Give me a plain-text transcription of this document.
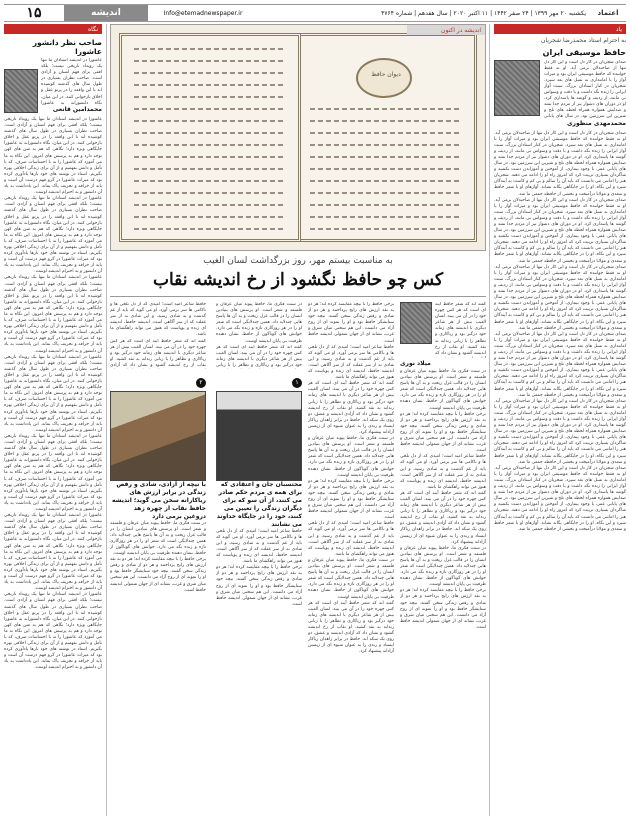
اعتماد
یکشنبه ۲۰ مهر ۱۳۹۹ | ۲۴ صفر ۱۴۴۲ | ۱۱ اکتبر ۲۰۲۰ | سال هفدهم | شماره ۴۷۶۴
Info@etemadnewspaper.ir
اندیشه
۱۵
یاد
به احترام استاد محمدرضا شجریان
حافظ موسیقی ایران

صدای شجریان در کار دل است و این کار دل تنها از صاحبدلان برمی آید. او نه فقط خواننده که حافظ موسیقی ایران بود و میراث آواز را با امانتداری به نسل های بعد سپرد. شجریان در کنار استادان بزرگ، سنت آواز ایرانی را زنده نگه داشت و با دقت و وسواس بی مانند، از ردیف و گوشه ها پاسداری کرد. او در دوران های دشوار نیز از مردم جدا نشد و صدایش همواره همراه لحظه های تلخ و شیرین این سرزمین بود. در سال های پایانی

محمدمهدی منظوری

صدای شجریان در کار دل است و این کار دل تنها از صاحبدلان برمی آید. او نه فقط خواننده که حافظ موسیقی ایران بود و میراث آواز را با امانتداری به نسل های بعد سپرد. شجریان در کنار استادان بزرگ، سنت آواز ایرانی را زنده نگه داشت و با دقت و وسواس بی مانند، از ردیف و گوشه ها پاسداری کرد. او در دوران های دشوار نیز از مردم جدا نشد و صدایش همواره همراه لحظه های تلخ و شیرین این سرزمین بود. در سال های پایانی عمر، با وجود بیماری، از آموختن و آموزاندن دست نکشید و شاگردان بسیاری تربیت کرد که امروز راه او را ادامه می دهند. شجریان هنر را امانتی می دانست که باید آن را سالم و بی کم و کاست به آیندگان سپرد و این نگاه، او را در جایگاهی یگانه نشاند. آوازهای او با شعر حافظ و سعدی و مولانا درآمیخت و بخشی از حافظه جمعی ما شد.

صدای شجریان در کار دل است و این کار دل تنها از صاحبدلان برمی آید. او نه فقط خواننده که حافظ موسیقی ایران بود و میراث آواز را با امانتداری به نسل های بعد سپرد. شجریان در کنار استادان بزرگ، سنت آواز ایرانی را زنده نگه داشت و با دقت و وسواس بی مانند، از ردیف و گوشه ها پاسداری کرد. او در دوران های دشوار نیز از مردم جدا نشد و صدایش همواره همراه لحظه های تلخ و شیرین این سرزمین بود. در سال های پایانی عمر، با وجود بیماری، از آموختن و آموزاندن دست نکشید و شاگردان بسیاری تربیت کرد که امروز راه او را ادامه می دهند. شجریان هنر را امانتی می دانست که باید آن را سالم و بی کم و کاست به آیندگان سپرد و این نگاه، او را در جایگاهی یگانه نشاند. آوازهای او با شعر حافظ و سعدی و مولانا درآمیخت و بخشی از حافظه جمعی ما شد.

صدای شجریان در کار دل است و این کار دل تنها از صاحبدلان برمی آید. او نه فقط خواننده که حافظ موسیقی ایران بود و میراث آواز را با امانتداری به نسل های بعد سپرد. شجریان در کنار استادان بزرگ، سنت آواز ایرانی را زنده نگه داشت و با دقت و وسواس بی مانند، از ردیف و گوشه ها پاسداری کرد. او در دوران های دشوار نیز از مردم جدا نشد و صدایش همواره همراه لحظه های تلخ و شیرین این سرزمین بود. در سال های پایانی عمر، با وجود بیماری، از آموختن و آموزاندن دست نکشید و شاگردان بسیاری تربیت کرد که امروز راه او را ادامه می دهند. شجریان هنر را امانتی می دانست که باید آن را سالم و بی کم و کاست به آیندگان سپرد و این نگاه، او را در جایگاهی یگانه نشاند. آوازهای او با شعر حافظ و سعدی و مولانا درآمیخت و بخشی از حافظه جمعی ما شد.

صدای شجریان در کار دل است و این کار دل تنها از صاحبدلان برمی آید. او نه فقط خواننده که حافظ موسیقی ایران بود و میراث آواز را با امانتداری به نسل های بعد سپرد. شجریان در کنار استادان بزرگ، سنت آواز ایرانی را زنده نگه داشت و با دقت و وسواس بی مانند، از ردیف و گوشه ها پاسداری کرد. او در دوران های دشوار نیز از مردم جدا نشد و صدایش همواره همراه لحظه های تلخ و شیرین این سرزمین بود. در سال های پایانی عمر، با وجود بیماری، از آموختن و آموزاندن دست نکشید و شاگردان بسیاری تربیت کرد که امروز راه او را ادامه می دهند. شجریان هنر را امانتی می دانست که باید آن را سالم و بی کم و کاست به آیندگان سپرد و این نگاه، او را در جایگاهی یگانه نشاند. آوازهای او با شعر حافظ و سعدی و مولانا درآمیخت و بخشی از حافظه جمعی ما شد.

صدای شجریان در کار دل است و این کار دل تنها از صاحبدلان برمی آید. او نه فقط خواننده که حافظ موسیقی ایران بود و میراث آواز را با امانتداری به نسل های بعد سپرد. شجریان در کنار استادان بزرگ، سنت آواز ایرانی را زنده نگه داشت و با دقت و وسواس بی مانند، از ردیف و گوشه ها پاسداری کرد. او در دوران های دشوار نیز از مردم جدا نشد و صدایش همواره همراه لحظه های تلخ و شیرین این سرزمین بود. در سال های پایانی عمر، با وجود بیماری، از آموختن و آموزاندن دست نکشید و شاگردان بسیاری تربیت کرد که امروز راه او را ادامه می دهند. شجریان هنر را امانتی می دانست که باید آن را سالم و بی کم و کاست به آیندگان سپرد و این نگاه، او را در جایگاهی یگانه نشاند. آوازهای او با شعر حافظ و سعدی و مولانا درآمیخت و بخشی از حافظه جمعی ما شد.

صدای شجریان در کار دل است و این کار دل تنها از صاحبدلان برمی آید. او نه فقط خواننده که حافظ موسیقی ایران بود و میراث آواز را با امانتداری به نسل های بعد سپرد. شجریان در کنار استادان بزرگ، سنت آواز ایرانی را زنده نگه داشت و با دقت و وسواس بی مانند، از ردیف و گوشه ها پاسداری کرد. او در دوران های دشوار نیز از مردم جدا نشد و صدایش همواره همراه لحظه های تلخ و شیرین این سرزمین بود. در سال های پایانی عمر، با وجود بیماری، از آموختن و آموزاندن دست نکشید و شاگردان بسیاری تربیت کرد که امروز راه او را ادامه می دهند. شجریان هنر را امانتی می دانست که باید آن را سالم و بی کم و کاست به آیندگان سپرد و این نگاه، او را در جایگاهی یگانه نشاند. آوازهای او با شعر حافظ و سعدی و مولانا درآمیخت و بخشی از حافظه جمعی ما شد.

نگاه
صاحب نظر دانشور عاشورا

عاشورا در اندیشه استادان ما تنها یک رویداد تاریخی نیست؛ بلکه افقی برای فهم انسان و آزادی است. صاحب نظران بسیاری در طول سال های گذشته کوشیده اند تا این واقعه را در پرتو عقل و اخلاق بازخوانی کنند. در این میان، نگاه دانشورانه به عاشورا

محمدامین قانعی

عاشورا در اندیشه استادان ما تنها یک رویداد تاریخی نیست؛ بلکه افقی برای فهم انسان و آزادی است. صاحب نظران بسیاری در طول سال های گذشته کوشیده اند تا این واقعه را در پرتو عقل و اخلاق بازخوانی کنند. در این میان، نگاه دانشورانه به عاشورا جایگاهی ویژه دارد؛ نگاهی که هم به متن های کهن توجه دارد و هم به پرسش های امروز. این نگاه به ما می آموزد که عاشورا را نه با احساسات صرف، که با تأمل و دانش بفهمیم و از آن برای زندگی اخلاقی بهره بگیریم. استاد در نوشته های خود بارها یادآوری کرده بود که میراث عاشورا در گرو فهم درست آن است و باید از خرافه و تحریف پاک بماند. این یادداشت به یاد آن دانشور و به احترام اندیشه اوست.

عاشورا در اندیشه استادان ما تنها یک رویداد تاریخی نیست؛ بلکه افقی برای فهم انسان و آزادی است. صاحب نظران بسیاری در طول سال های گذشته کوشیده اند تا این واقعه را در پرتو عقل و اخلاق بازخوانی کنند. در این میان، نگاه دانشورانه به عاشورا جایگاهی ویژه دارد؛ نگاهی که هم به متن های کهن توجه دارد و هم به پرسش های امروز. این نگاه به ما می آموزد که عاشورا را نه با احساسات صرف، که با تأمل و دانش بفهمیم و از آن برای زندگی اخلاقی بهره بگیریم. استاد در نوشته های خود بارها یادآوری کرده بود که میراث عاشورا در گرو فهم درست آن است و باید از خرافه و تحریف پاک بماند. این یادداشت به یاد آن دانشور و به احترام اندیشه اوست.

عاشورا در اندیشه استادان ما تنها یک رویداد تاریخی نیست؛ بلکه افقی برای فهم انسان و آزادی است. صاحب نظران بسیاری در طول سال های گذشته کوشیده اند تا این واقعه را در پرتو عقل و اخلاق بازخوانی کنند. در این میان، نگاه دانشورانه به عاشورا جایگاهی ویژه دارد؛ نگاهی که هم به متن های کهن توجه دارد و هم به پرسش های امروز. این نگاه به ما می آموزد که عاشورا را نه با احساسات صرف، که با تأمل و دانش بفهمیم و از آن برای زندگی اخلاقی بهره بگیریم. استاد در نوشته های خود بارها یادآوری کرده بود که میراث عاشورا در گرو فهم درست آن است و باید از خرافه و تحریف پاک بماند. این یادداشت به یاد آن دانشور و به احترام اندیشه اوست.

عاشورا در اندیشه استادان ما تنها یک رویداد تاریخی نیست؛ بلکه افقی برای فهم انسان و آزادی است. صاحب نظران بسیاری در طول سال های گذشته کوشیده اند تا این واقعه را در پرتو عقل و اخلاق بازخوانی کنند. در این میان، نگاه دانشورانه به عاشورا جایگاهی ویژه دارد؛ نگاهی که هم به متن های کهن توجه دارد و هم به پرسش های امروز. این نگاه به ما می آموزد که عاشورا را نه با احساسات صرف، که با تأمل و دانش بفهمیم و از آن برای زندگی اخلاقی بهره بگیریم. استاد در نوشته های خود بارها یادآوری کرده بود که میراث عاشورا در گرو فهم درست آن است و باید از خرافه و تحریف پاک بماند. این یادداشت به یاد آن دانشور و به احترام اندیشه اوست.

عاشورا در اندیشه استادان ما تنها یک رویداد تاریخی نیست؛ بلکه افقی برای فهم انسان و آزادی است. صاحب نظران بسیاری در طول سال های گذشته کوشیده اند تا این واقعه را در پرتو عقل و اخلاق بازخوانی کنند. در این میان، نگاه دانشورانه به عاشورا جایگاهی ویژه دارد؛ نگاهی که هم به متن های کهن توجه دارد و هم به پرسش های امروز. این نگاه به ما می آموزد که عاشورا را نه با احساسات صرف، که با تأمل و دانش بفهمیم و از آن برای زندگی اخلاقی بهره بگیریم. استاد در نوشته های خود بارها یادآوری کرده بود که میراث عاشورا در گرو فهم درست آن است و باید از خرافه و تحریف پاک بماند. این یادداشت به یاد آن دانشور و به احترام اندیشه اوست.

عاشورا در اندیشه استادان ما تنها یک رویداد تاریخی نیست؛ بلکه افقی برای فهم انسان و آزادی است. صاحب نظران بسیاری در طول سال های گذشته کوشیده اند تا این واقعه را در پرتو عقل و اخلاق بازخوانی کنند. در این میان، نگاه دانشورانه به عاشورا جایگاهی ویژه دارد؛ نگاهی که هم به متن های کهن توجه دارد و هم به پرسش های امروز. این نگاه به ما می آموزد که عاشورا را نه با احساسات صرف، که با تأمل و دانش بفهمیم و از آن برای زندگی اخلاقی بهره بگیریم. استاد در نوشته های خود بارها یادآوری کرده بود که میراث عاشورا در گرو فهم درست آن است و باید از خرافه و تحریف پاک بماند. این یادداشت به یاد آن دانشور و به احترام اندیشه اوست.

عاشورا در اندیشه استادان ما تنها یک رویداد تاریخی نیست؛ بلکه افقی برای فهم انسان و آزادی است. صاحب نظران بسیاری در طول سال های گذشته کوشیده اند تا این واقعه را در پرتو عقل و اخلاق بازخوانی کنند. در این میان، نگاه دانشورانه به عاشورا جایگاهی ویژه دارد؛ نگاهی که هم به متن های کهن توجه دارد و هم به پرسش های امروز. این نگاه به ما می آموزد که عاشورا را نه با احساسات صرف، که با تأمل و دانش بفهمیم و از آن برای زندگی اخلاقی بهره بگیریم. استاد در نوشته های خود بارها یادآوری کرده بود که میراث عاشورا در گرو فهم درست آن است و باید از خرافه و تحریف پاک بماند. این یادداشت به یاد آن دانشور و به احترام اندیشه اوست.

اندیشه در اکنون
دیوان حافظ
به مناسبت بیستم مهر، روز بزرگداشت لسان الغیب
کس چو حافظ نگشود از رخ اندیشه نقاب

گفته اند که شعر حافظ آینه ای است که هر کس چهره خود را در آن می بیند. لسان الغیب بیش از هر شاعر دیگری با اندیشه های زمانه خود درگیر بود و ریاکاری و تظاهر را با زبانی رندانه به نقد کشید. او نقاب از رخ اندیشه گشود و نشان داد که

میلاد نوری

در سنت فکری ما، حافظ پیوند میان عرفان و فلسفه و شعر است. او پرسش های بنیادین انسان را در قالب غزل ریخت و به آن ها پاسخ هایی چندلایه داد. همین چندلایگی است که شعر او را در هر روزگاری تازه و زنده نگه می دارد. خوانش های گوناگون از حافظ، نشان دهنده ظرفیت بی پایان اندیشه اوست.

برخی حافظ را با نیچه مقایسه کرده اند؛ هر دو به نقد ارزش های رایج پرداختند و هر دو از شادی و رقص زندگی سخن گفتند. نیچه خود ستایشگر حافظ بود و او را نمونه ای از روح آزاد می دانست. این هم سخنی میان شرق و غرب، نشانه ای از جهان شمولی اندیشه حافظ است.

حافظ شاعر امید است؛ امیدی که از دل تلخی ها و ناکامی ها سر برمی آورد. او می گوید که باید از غم گذشت و به شادی رسید، و این شادی نه از سر غفلت که از سر آگاهی است. اندیشه حافظ، اندیشه ای زنده و پویاست که هنوز می تواند راهگشای ما باشد.

گفته اند که شعر حافظ آینه ای است که هر کس چهره خود را در آن می بیند. لسان الغیب بیش از هر شاعر دیگری با اندیشه های زمانه خود درگیر بود و ریاکاری و تظاهر را با زبانی رندانه به نقد کشید. او نقاب از رخ اندیشه گشود و نشان داد که آزادی اندیشه و عشق، دو روی یک سکه اند. حافظ در برابر زاهدان ریاکار ایستاد و رندی را به عنوان شیوه ای از زیستن آزادانه پیشنهاد کرد.

در سنت فکری ما، حافظ پیوند میان عرفان و فلسفه و شعر است. او پرسش های بنیادین انسان را در قالب غزل ریخت و به آن ها پاسخ هایی چندلایه داد. همین چندلایگی است که شعر او را در هر روزگاری تازه و زنده نگه می دارد. خوانش های گوناگون از حافظ، نشان دهنده ظرفیت بی پایان اندیشه اوست.

برخی حافظ را با نیچه مقایسه کرده اند؛ هر دو به نقد ارزش های رایج پرداختند و هر دو از شادی و رقص زندگی سخن گفتند. نیچه خود ستایشگر حافظ بود و او را نمونه ای از روح آزاد می دانست. این هم سخنی میان شرق و غرب، نشانه ای از جهان شمولی اندیشه حافظ است.

برخی حافظ را با نیچه مقایسه کرده اند؛ هر دو به نقد ارزش های رایج پرداختند و هر دو از شادی و رقص زندگی سخن گفتند. نیچه خود ستایشگر حافظ بود و او را نمونه ای از روح آزاد می دانست. این هم سخنی میان شرق و غرب، نشانه ای از جهان شمولی اندیشه حافظ است.

حافظ شاعر امید است؛ امیدی که از دل تلخی ها و ناکامی ها سر برمی آورد. او می گوید که باید از غم گذشت و به شادی رسید، و این شادی نه از سر غفلت که از سر آگاهی است. اندیشه حافظ، اندیشه ای زنده و پویاست که هنوز می تواند راهگشای ما باشد.

گفته اند که شعر حافظ آینه ای است که هر کس چهره خود را در آن می بیند. لسان الغیب بیش از هر شاعر دیگری با اندیشه های زمانه خود درگیر بود و ریاکاری و تظاهر را با زبانی رندانه به نقد کشید. او نقاب از رخ اندیشه گشود و نشان داد که آزادی اندیشه و عشق، دو روی یک سکه اند. حافظ در برابر زاهدان ریاکار ایستاد و رندی را به عنوان شیوه ای از زیستن آزادانه پیشنهاد کرد.

در سنت فکری ما، حافظ پیوند میان عرفان و فلسفه و شعر است. او پرسش های بنیادین انسان را در قالب غزل ریخت و به آن ها پاسخ هایی چندلایه داد. همین چندلایگی است که شعر او را در هر روزگاری تازه و زنده نگه می دارد. خوانش های گوناگون از حافظ، نشان دهنده ظرفیت بی پایان اندیشه اوست.

برخی حافظ را با نیچه مقایسه کرده اند؛ هر دو به نقد ارزش های رایج پرداختند و هر دو از شادی و رقص زندگی سخن گفتند. نیچه خود ستایشگر حافظ بود و او را نمونه ای از روح آزاد می دانست. این هم سخنی میان شرق و غرب، نشانه ای از جهان شمولی اندیشه حافظ است.

حافظ شاعر امید است؛ امیدی که از دل تلخی ها و ناکامی ها سر برمی آورد. او می گوید که باید از غم گذشت و به شادی رسید، و این شادی نه از سر غفلت که از سر آگاهی است. اندیشه حافظ، اندیشه ای زنده و پویاست که هنوز می تواند راهگشای ما باشد.

در سنت فکری ما، حافظ پیوند میان عرفان و فلسفه و شعر است. او پرسش های بنیادین انسان را در قالب غزل ریخت و به آن ها پاسخ هایی چندلایه داد. همین چندلایگی است که شعر او را در هر روزگاری تازه و زنده نگه می دارد. خوانش های گوناگون از حافظ، نشان دهنده ظرفیت بی پایان اندیشه اوست.

گفته اند که شعر حافظ آینه ای است که هر کس چهره خود را در آن می بیند. لسان الغیب بیش از هر شاعر دیگری با اندیشه های زمانه خود درگیر بود و ریاکاری و تظاهر را با زبانی رندانه به نقد کشید. او نقاب از رخ اندیشه گشود و نشان داد که آزادی اندیشه و عشق، دو روی یک سکه اند. حافظ در برابر زاهدان ریاکار ایستاد و رندی را به عنوان شیوه ای از زیستن آزادانه پیشنهاد کرد.

در سنت فکری ما، حافظ پیوند میان عرفان و فلسفه و شعر است. او پرسش های بنیادین انسان را در قالب غزل ریخت و به آن ها پاسخ هایی چندلایه داد. همین چندلایگی است که شعر او را در هر روزگاری تازه و زنده نگه می دارد. خوانش های گوناگون از حافظ، نشان دهنده ظرفیت بی پایان اندیشه اوست.

گفته اند که شعر حافظ آینه ای است که هر کس چهره خود را در آن می بیند. لسان الغیب بیش از هر شاعر دیگری با اندیشه های زمانه خود درگیر بود و ریاکاری و تظاهر را با زبانی

۱
محتسبان جان و اعتقادی که برای همه ی مردم حکم صادر می کنند، از آن سو که برای دیگران زندگی را تعیین می کنند، خود را در جایگاه خداوند می نشانند

حافظ شاعر امید است؛ امیدی که از دل تلخی ها و ناکامی ها سر برمی آورد. او می گوید که باید از غم گذشت و به شادی رسید، و این شادی نه از سر غفلت که از سر آگاهی است. اندیشه حافظ، اندیشه ای زنده و پویاست که هنوز می تواند راهگشای ما باشد.

برخی حافظ را با نیچه مقایسه کرده اند؛ هر دو به نقد ارزش های رایج پرداختند و هر دو از شادی و رقص زندگی سخن گفتند. نیچه خود ستایشگر حافظ بود و او را نمونه ای از روح آزاد می دانست. این هم سخنی میان شرق و غرب، نشانه ای از جهان شمولی اندیشه حافظ است.

حافظ شاعر امید است؛ امیدی که از دل تلخی ها و ناکامی ها سر برمی آورد. او می گوید که باید از غم گذشت و به شادی رسید، و این شادی نه از سر غفلت که از سر آگاهی است. اندیشه حافظ، اندیشه ای زنده و پویاست که هنوز می تواند راهگشای ما باشد.

گفته اند که شعر حافظ آینه ای است که هر کس چهره خود را در آن می بیند. لسان الغیب بیش از هر شاعر دیگری با اندیشه های زمانه خود درگیر بود و ریاکاری و تظاهر را با زبانی رندانه به نقد کشید. او نقاب از رخ اندیشه گشود و نشان داد که آزادی

۲
با نیچه از آزادی، شادی و رقص زندگی در برابر ارزش های ریاکارانه سخن می گوید؛ اندیشه حافظ نقاب از چهره زهد دروغین برمی دارد

در سنت فکری ما، حافظ پیوند میان عرفان و فلسفه و شعر است. او پرسش های بنیادین انسان را در قالب غزل ریخت و به آن ها پاسخ هایی چندلایه داد. همین چندلایگی است که شعر او را در هر روزگاری تازه و زنده نگه می دارد. خوانش های گوناگون از حافظ، نشان دهنده ظرفیت بی پایان اندیشه اوست.

برخی حافظ را با نیچه مقایسه کرده اند؛ هر دو به نقد ارزش های رایج پرداختند و هر دو از شادی و رقص زندگی سخن گفتند. نیچه خود ستایشگر حافظ بود و او را نمونه ای از روح آزاد می دانست. این هم سخنی میان شرق و غرب، نشانه ای از جهان شمولی اندیشه حافظ است.
